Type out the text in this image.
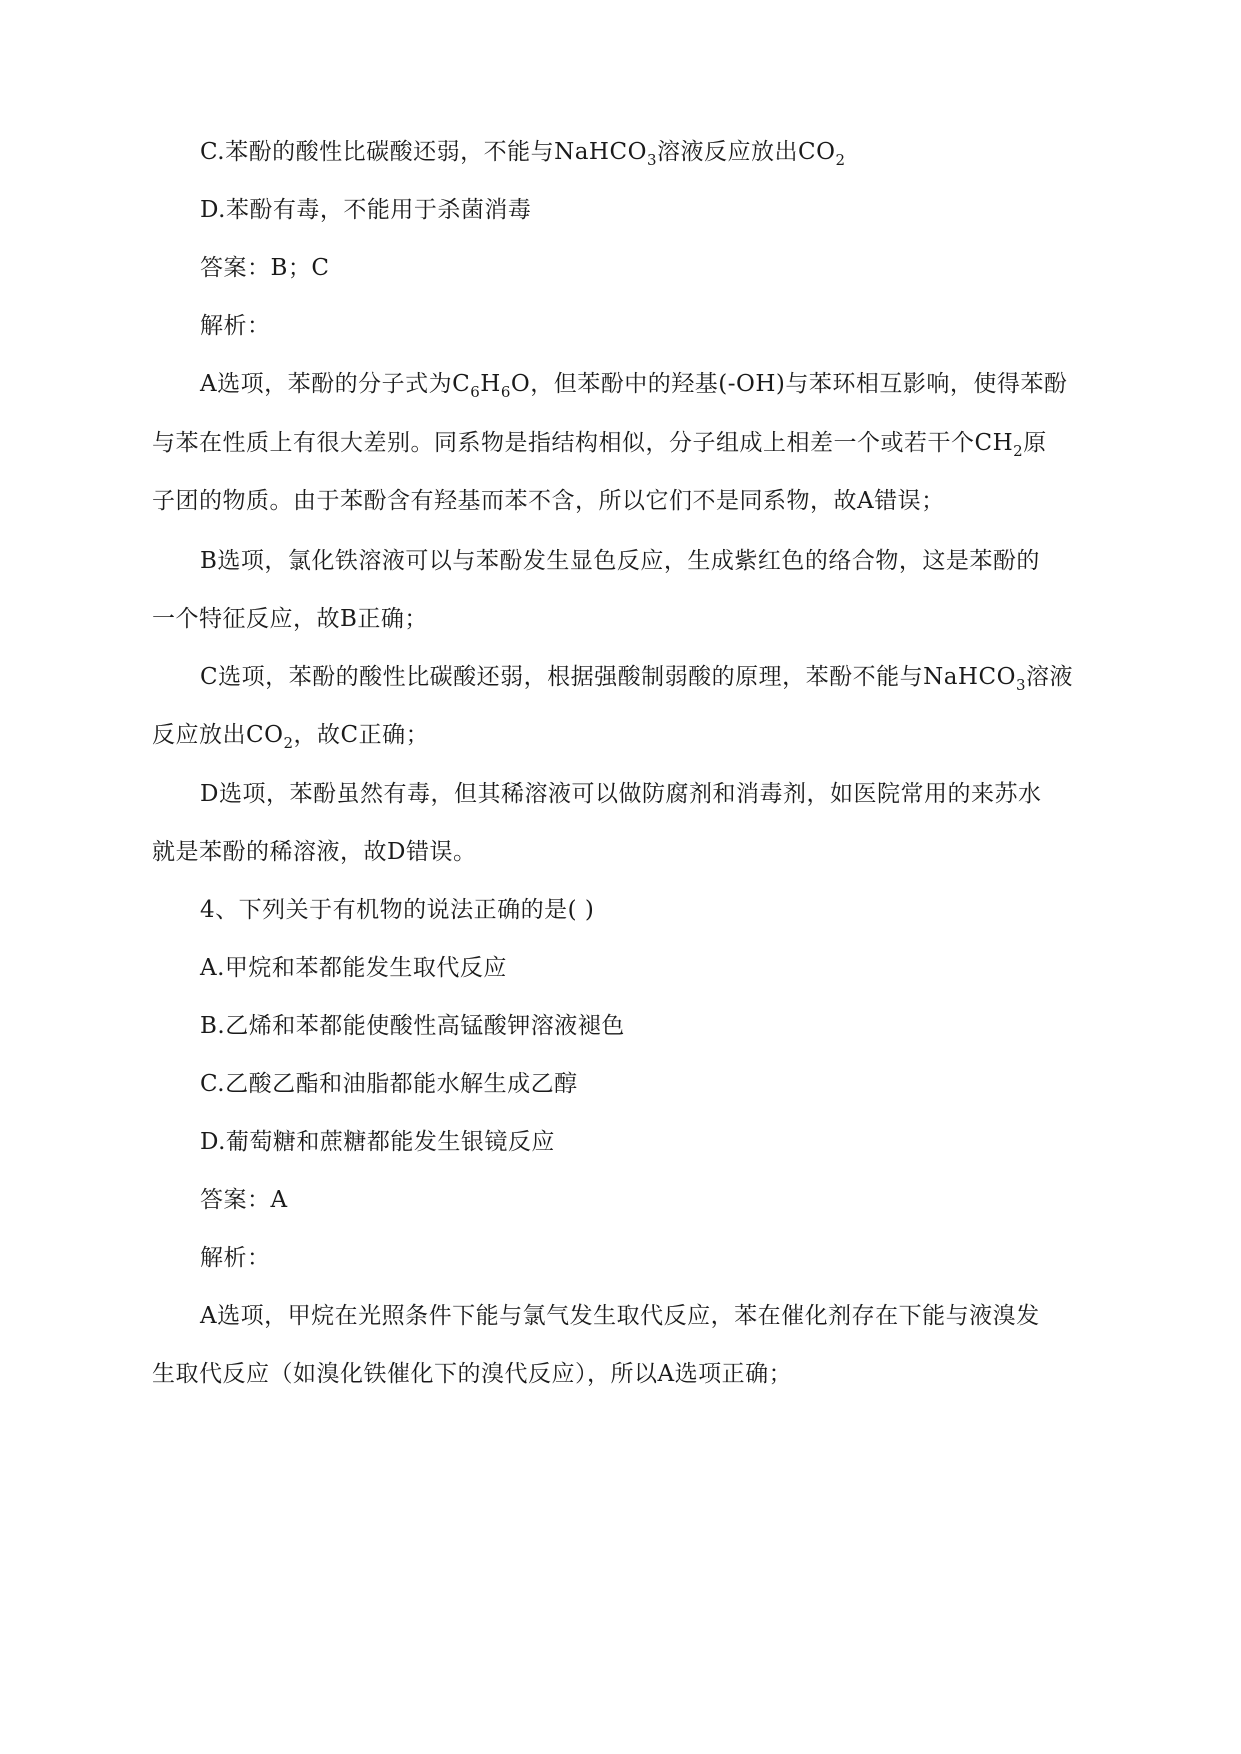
C.苯酚的酸性比碳酸还弱，不能与NaHCO$_3$溶液反应放出$CO_2$
D.苯酚有毒，不能用于杀菌消毒
答案：B；C
解析：
A选项，苯酚的分子式为$C_6H_6O$，但苯酚中的羟基(-OH)与苯环相互影响，使得苯酚
与苯在性质上有很大差别。同系物是指结构相似，分子组成上相差一个或若干个$CH_2$原
子团的物质。由于苯酚含有羟基而苯不含，所以它们不是同系物，故A错误；
B选项，氯化铁溶液可以与苯酚发生显色反应，生成紫红色的络合物，这是苯酚的
一个特征反应，故B正确；
C选项，苯酚的酸性比碳酸还弱，根据强酸制弱酸的原理，苯酚不能与NaHCO$_3$溶液
反应放出$CO_2$，故C正确；
D选项，苯酚虽然有毒，但其稀溶液可以做防腐剂和消毒剂，如医院常用的来苏水
就是苯酚的稀溶液，故D错误。
4、下列关于有机物的说法正确的是( )
A.甲烷和苯都能发生取代反应
B.乙烯和苯都能使酸性高锰酸钾溶液褪色
C.乙酸乙酯和油脂都能水解生成乙醇
D.葡萄糖和蔗糖都能发生银镜反应
答案：A
解析：
A选项，甲烷在光照条件下能与氯气发生取代反应，苯在催化剂存在下能与液溴发
生取代反应（如溴化铁催化下的溴代反应），所以A选项正确；
